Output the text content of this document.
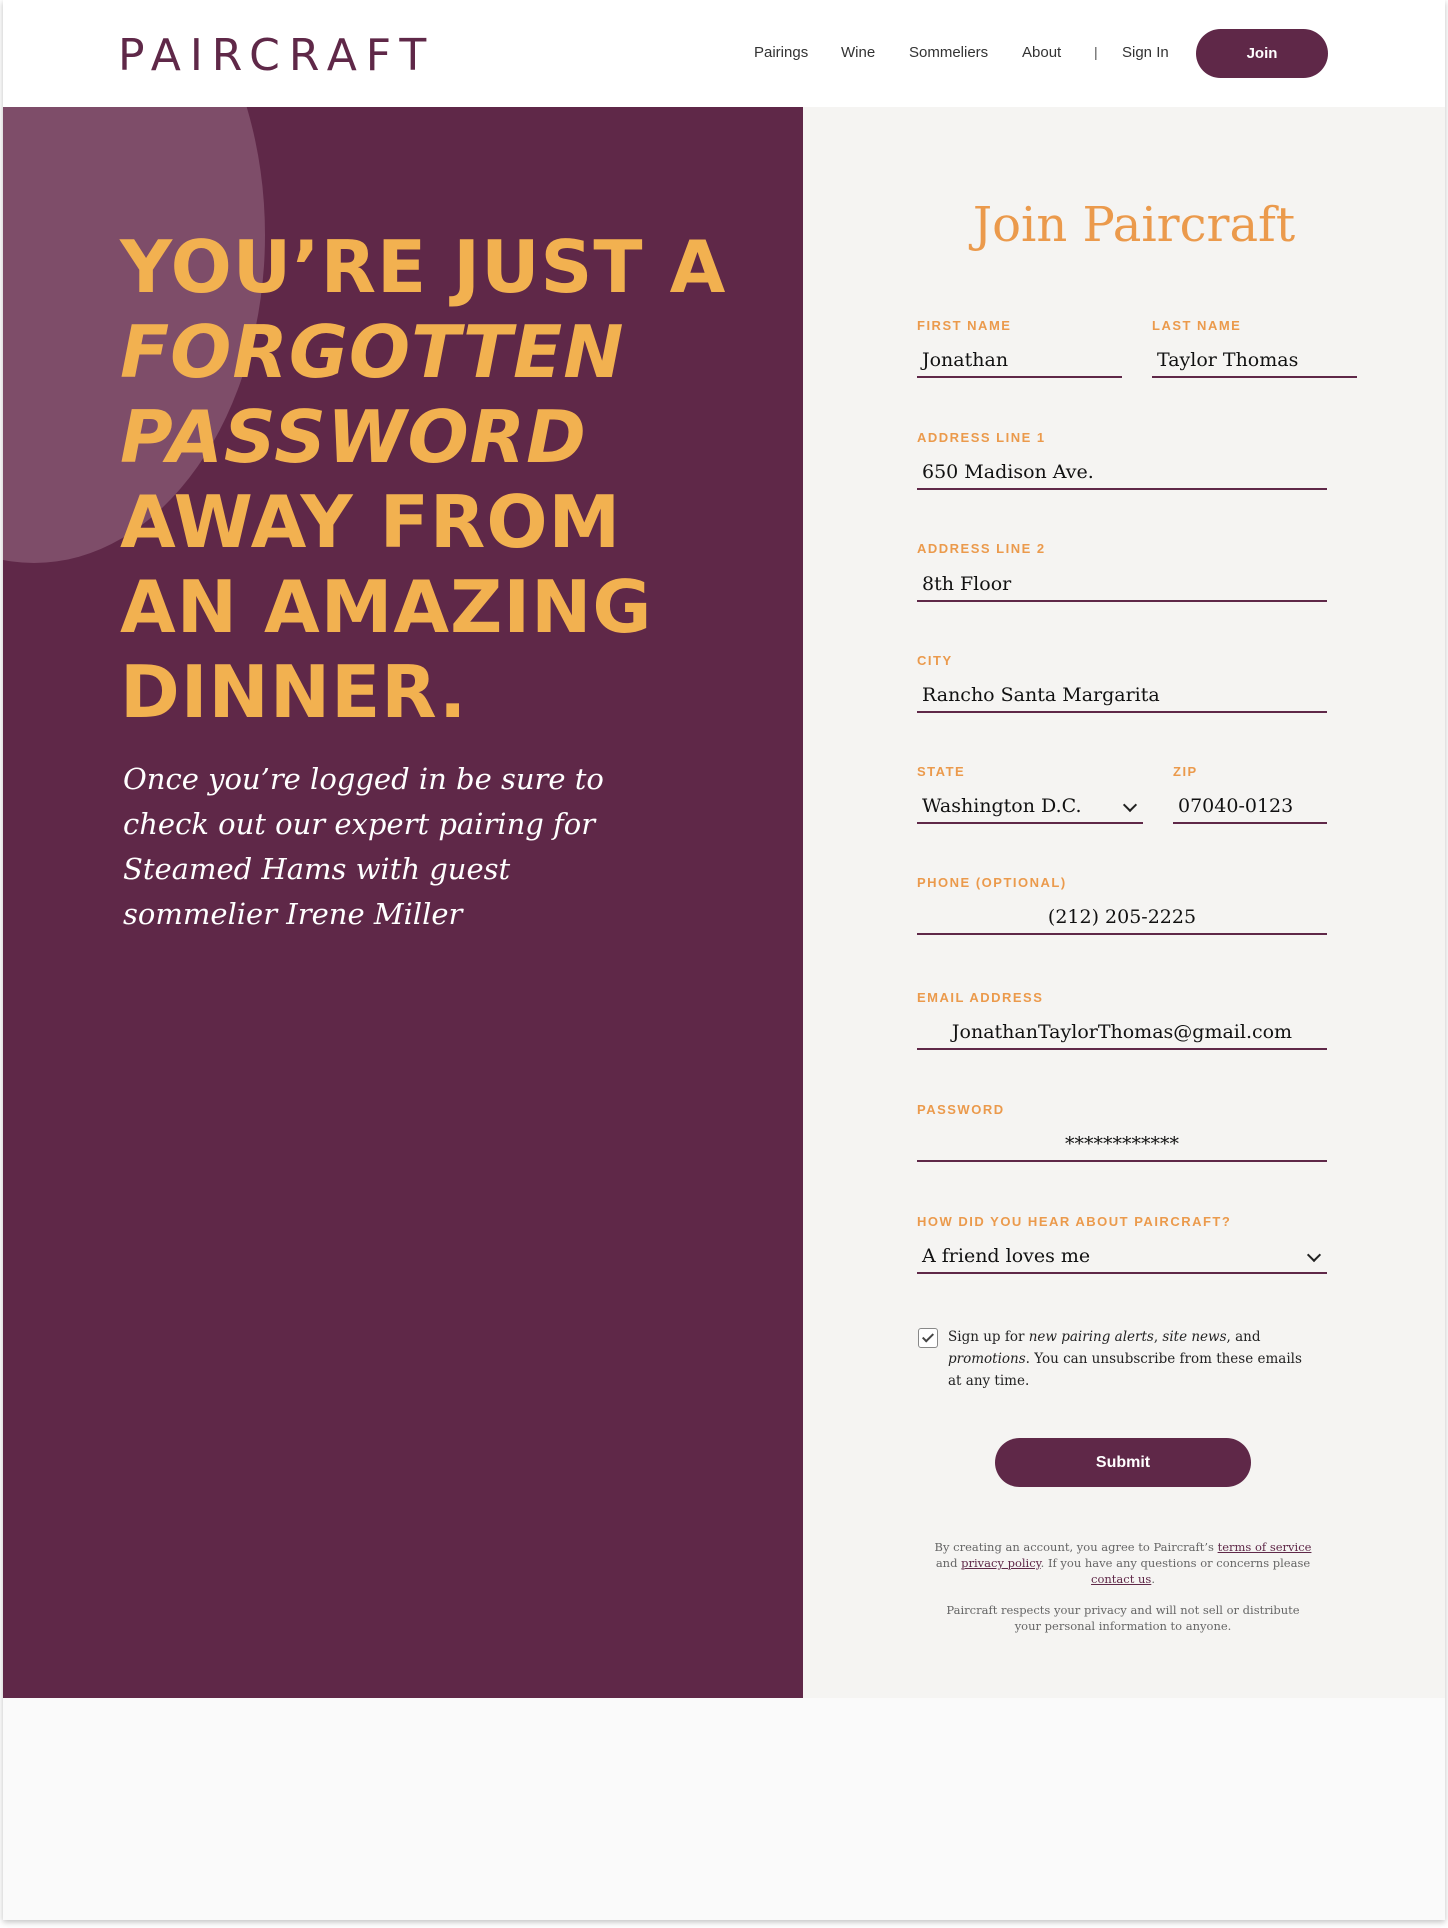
PAIRCRAFT	Pairings Wine Sommeliers About | Sign In	Join
YOU’RE JUST A
FORGOTTEN
PASSWORD
AWAY FROM
AN AMAZING
DINNER.
Once you’re logged in be sure to check out our expert pairing for Steamed Hams with guest sommelier Irene Miller
Join Paircraft
FIRST NAME
Jonathan
LAST NAME
Taylor Thomas
ADDRESS LINE 1
650 Madison Ave.
ADDRESS LINE 2
8th Floor
CITY
Rancho Santa Margarita
STATE
Washington D.C.
ZIP
07040-0123
PHONE (OPTIONAL)
(212) 205-2225
EMAIL ADDRESS
JonathanTaylorThomas@gmail.com
PASSWORD
************
HOW DID YOU HEAR ABOUT PAIRCRAFT?
A friend loves me
Sign up for new pairing alerts, site news, and promotions. You can unsubscribe from these emails at any time.
Submit
By creating an account, you agree to Paircraft’s terms of service and privacy policy. If you have any questions or concerns please contact us.
Paircraft respects your privacy and will not sell or distribute your personal information to anyone.
